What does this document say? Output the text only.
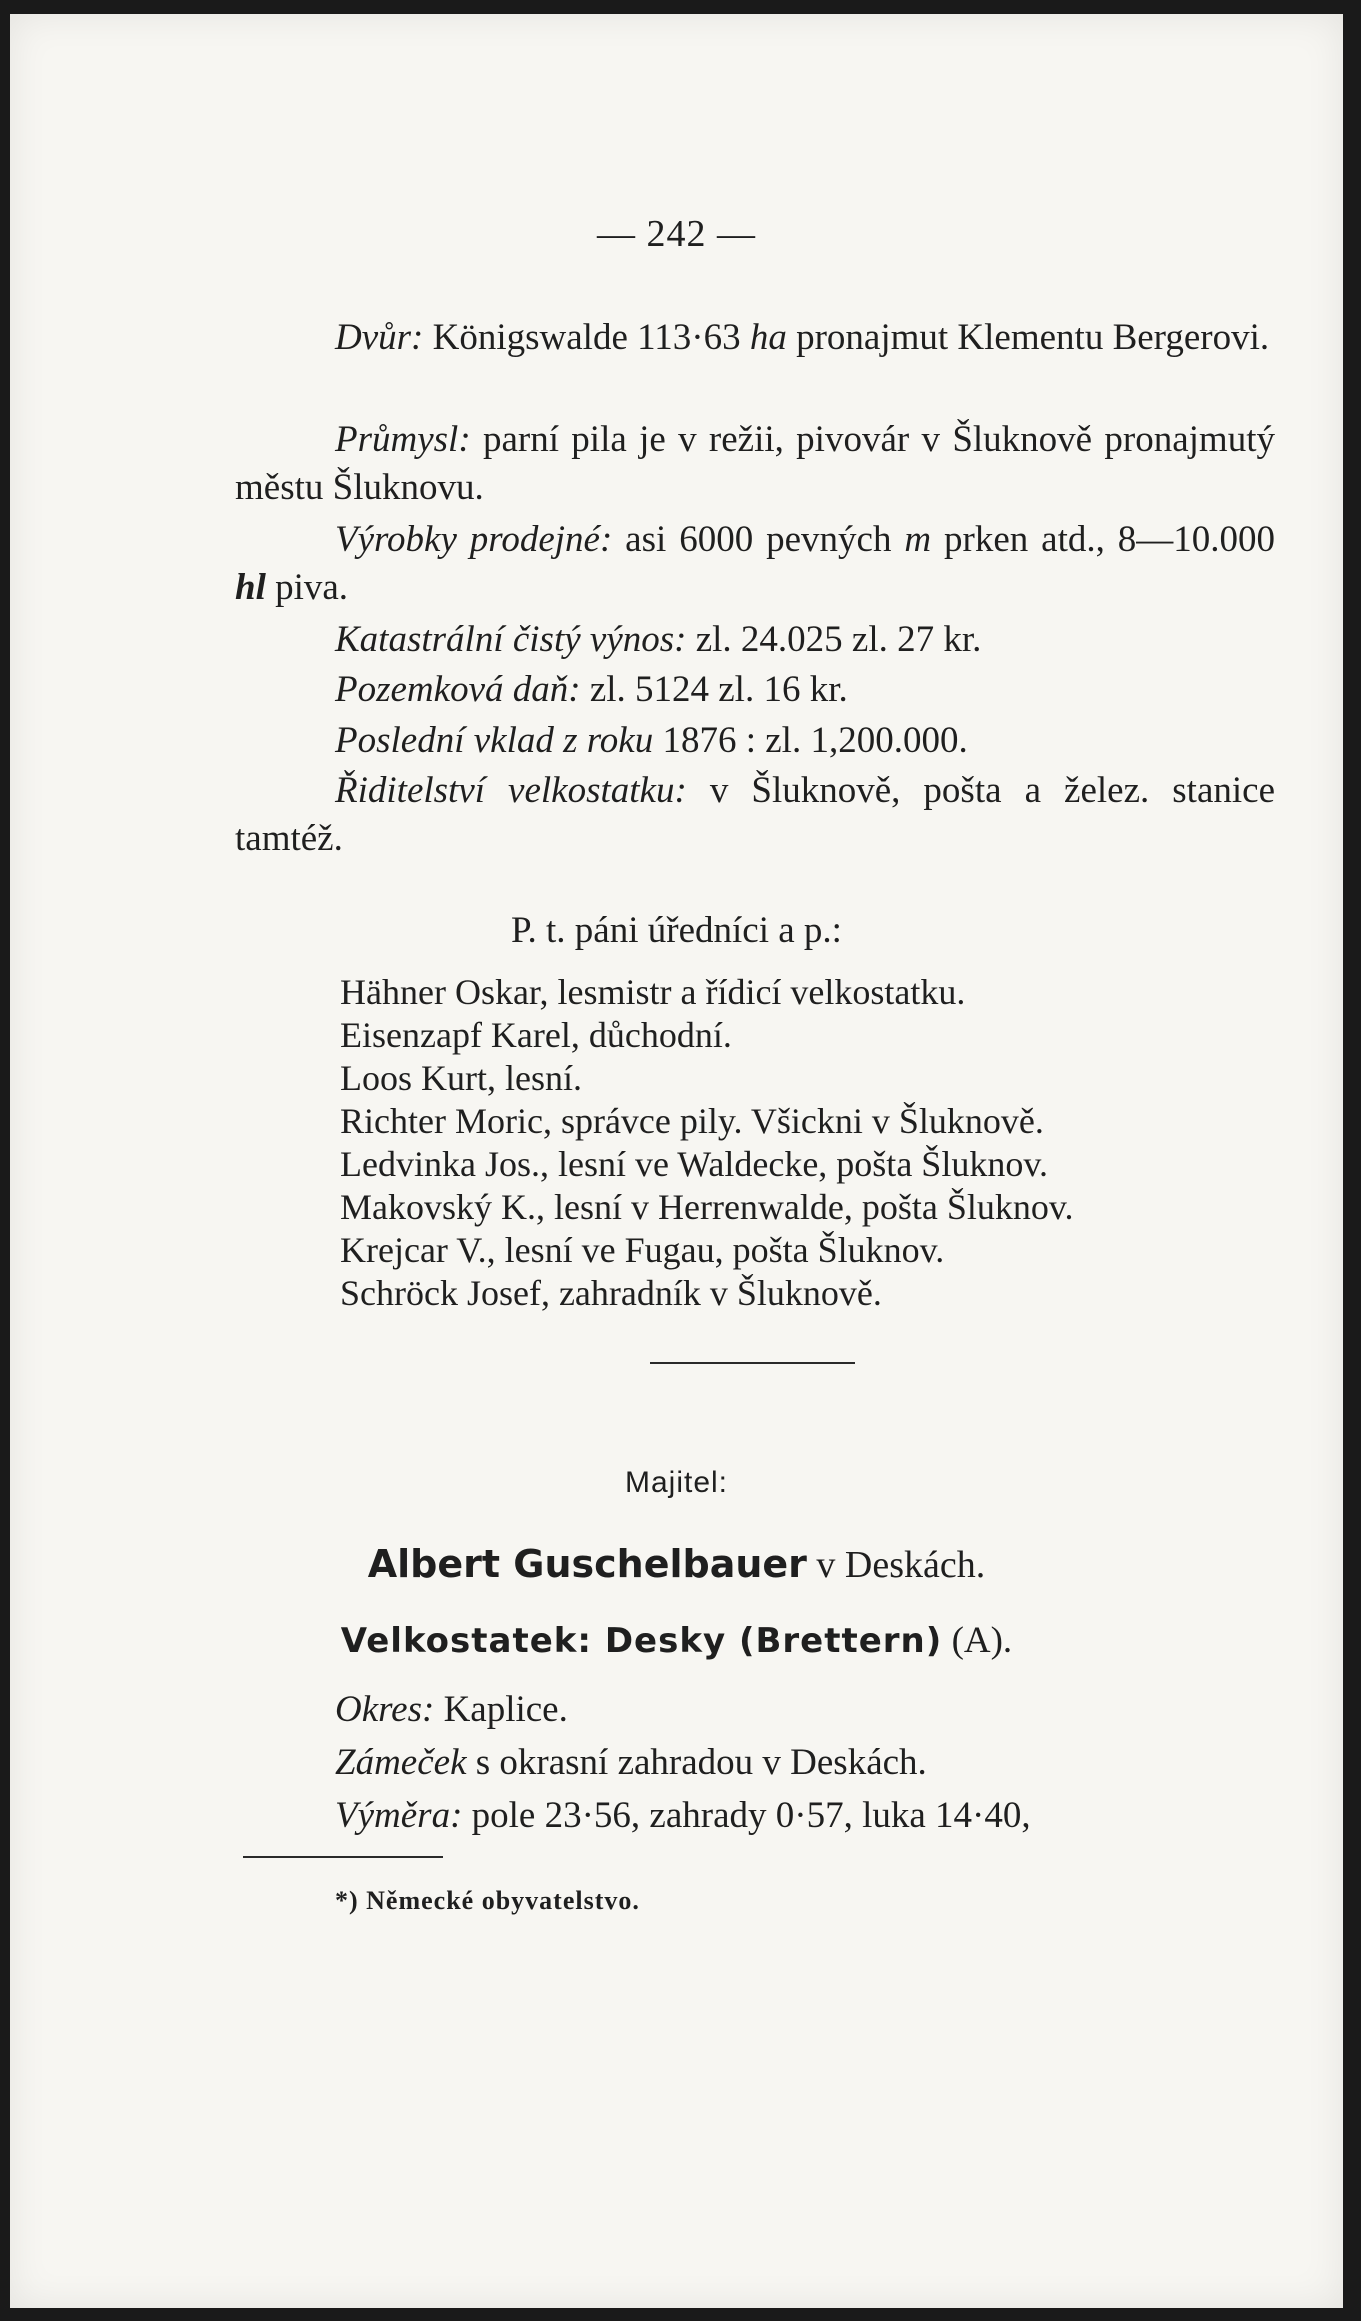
— 242 —
Dvůr: Königswalde 113·63 ha pronajmut Klementu Bergerovi.
Průmysl: parní pila je v režii, pivovár v Šluknově pronajmutý městu Šluknovu.
Výrobky prodejné: asi 6000 pevných m prken atd., 8—10.000 hl piva.
Katastrální čistý výnos: zl. 24.025 zl. 27 kr.
Pozemková daň: zl. 5124 zl. 16 kr.
Poslední vklad z roku 1876 : zl. 1,200.000.
Řiditelství velkostatku: v Šluknově, pošta a želez. stanice tamtéž.
P. t. páni úředníci a p.:
Hähner Oskar, lesmistr a řídicí velkostatku.
Eisenzapf Karel, důchodní.
Loos Kurt, lesní.
Richter Moric, správce pily. Všickni v Šluknově.
Ledvinka Jos., lesní ve Waldecke, pošta Šluknov.
Makovský K., lesní v Herrenwalde, pošta Šluknov.
Krejcar V., lesní ve Fugau, pošta Šluknov.
Schröck Josef, zahradník v Šluknově.
Majitel:
Albert Guschelbauer v Deskách.
Velkostatek: Desky (Brettern) (A).
Okres: Kaplice.
Zámeček s okrasní zahradou v Deskách.
Výměra: pole 23·56, zahrady 0·57, luka 14·40,
*) Německé obyvatelstvo.
